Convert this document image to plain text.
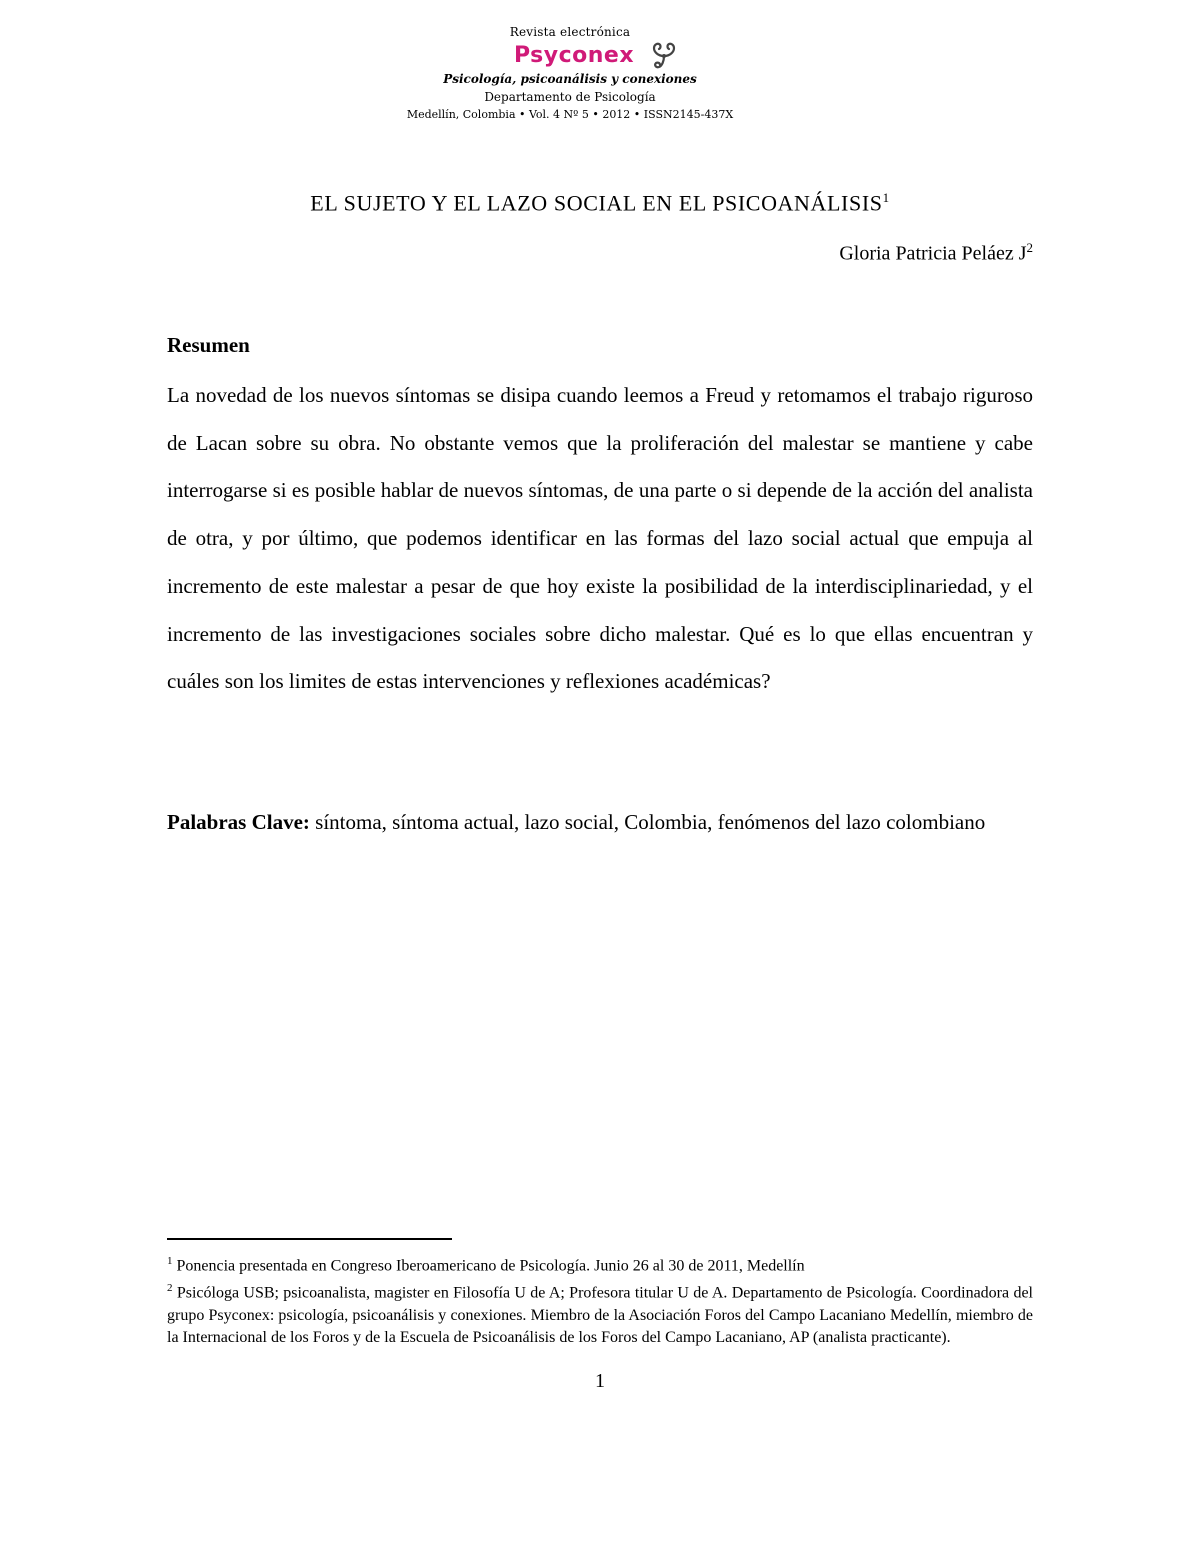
Revista electrónica
Psyconex
Psicología, psicoanálisis y conexiones
Departamento de Psicología
Medellín, Colombia • Vol. 4 Nº 5 • 2012 • ISSN2145-437X
EL SUJETO Y EL LAZO SOCIAL EN EL PSICOANÁLISIS$^1$
Gloria Patricia Peláez $J^2$
Resumen
La novedad de los nuevos síntomas se disipa cuando leemos a Freud y retomamos el trabajo riguroso de Lacan sobre su obra. No obstante vemos que la proliferación del malestar se mantiene y cabe interrogarse si es posible hablar de nuevos síntomas, de una parte o si depende de la acción del analista de otra, y por último, que podemos identificar en las formas del lazo social actual que empuja al incremento de este malestar a pesar de que hoy existe la posibilidad de la interdisciplinariedad, y el incremento de las investigaciones sociales sobre dicho malestar. Qué es lo que ellas encuentran y cuáles son los limites de estas intervenciones y reflexiones académicas?
Palabras Clave: síntoma, síntoma actual, lazo social, Colombia, fenómenos del lazo colombiano

$^1$ Ponencia presentada en Congreso Iberoamericano de Psicología. Junio 26 al 30 de 2011, Medellín

$^2$ Psicóloga USB; psicoanalista, magister en Filosofía U de A; Profesora titular U de A. Departamento de Psicología. Coordinadora del grupo Psyconex: psicología, psicoanálisis y conexiones. Miembro de la Asociación Foros del Campo Lacaniano Medellín, miembro de la Internacional de los Foros y de la Escuela de Psicoanálisis de los Foros del Campo Lacaniano, AP (analista practicante).

1
